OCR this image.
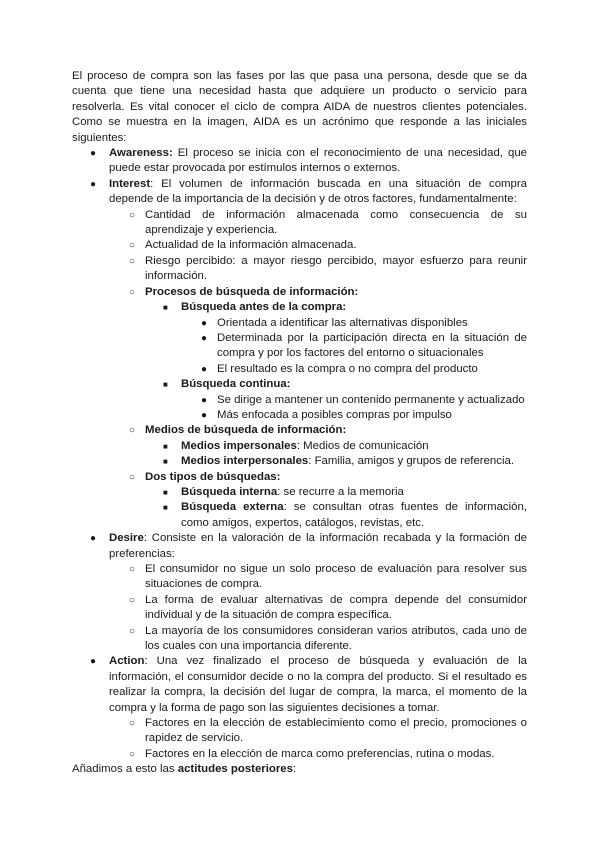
El proceso de compra son las fases por las que pasa una persona, desde que se da cuenta que tiene una necesidad hasta que adquiere un producto o servicio para resolverla. Es vital conocer el ciclo de compra AIDA de nuestros clientes potenciales. Como se muestra en la imagen, AIDA es un acrónimo que responde a las iniciales siguientes:

● Awareness: El proceso se inicia con el reconocimiento de una necesidad, que puede estar provocada por estímulos internos o externos.
● Interest: El volumen de información buscada en una situación de compra depende de la importancia de la decisión y de otros factores, fundamentalmente:
○ Cantidad de información almacenada como consecuencia de su aprendizaje y experiencia.
○ Actualidad de la información almacenada.
○ Riesgo percibido: a mayor riesgo percibido, mayor esfuerzo para reunir información.
○ Procesos de búsqueda de información:
■ Búsqueda antes de la compra:
● Orientada a identificar las alternativas disponibles
● Determinada por la participación directa en la situación de compra y por los factores del entorno o situacionales
● El resultado es la compra o no compra del producto
■ Búsqueda continua:
● Se dirige a mantener un contenido permanente y actualizado
● Más enfocada a posibles compras por impulso
○ Medios de búsqueda de información:
■ Medios impersonales: Medios de comunicación
■ Medios interpersonales: Familia, amigos y grupos de referencia.
○ Dos tipos de búsquedas:
■ Búsqueda interna: se recurre a la memoria
■ Búsqueda externa: se consultan otras fuentes de información, como amigos, expertos, catálogos, revistas, etc.
● Desire: Consiste en la valoración de la información recabada y la formación de preferencias:
○ El consumidor no sigue un solo proceso de evaluación para resolver sus situaciones de compra.
○ La forma de evaluar alternativas de compra depende del consumidor individual y de la situación de compra específica.
○ La mayoría de los consumidores consideran varios atributos, cada uno de los cuales con una importancia diferente.
● Action: Una vez finalizado el proceso de búsqueda y evaluación de la información, el consumidor decide o no la compra del producto. Si el resultado es realizar la compra, la decisión del lugar de compra, la marca, el momento de la compra y la forma de pago son las siguientes decisiones a tomar.
○ Factores en la elección de establecimiento como el precio, promociones o rapidez de servicio.
○ Factores en la elección de marca como preferencias, rutina o modas.

Añadimos a esto las actitudes posteriores:
